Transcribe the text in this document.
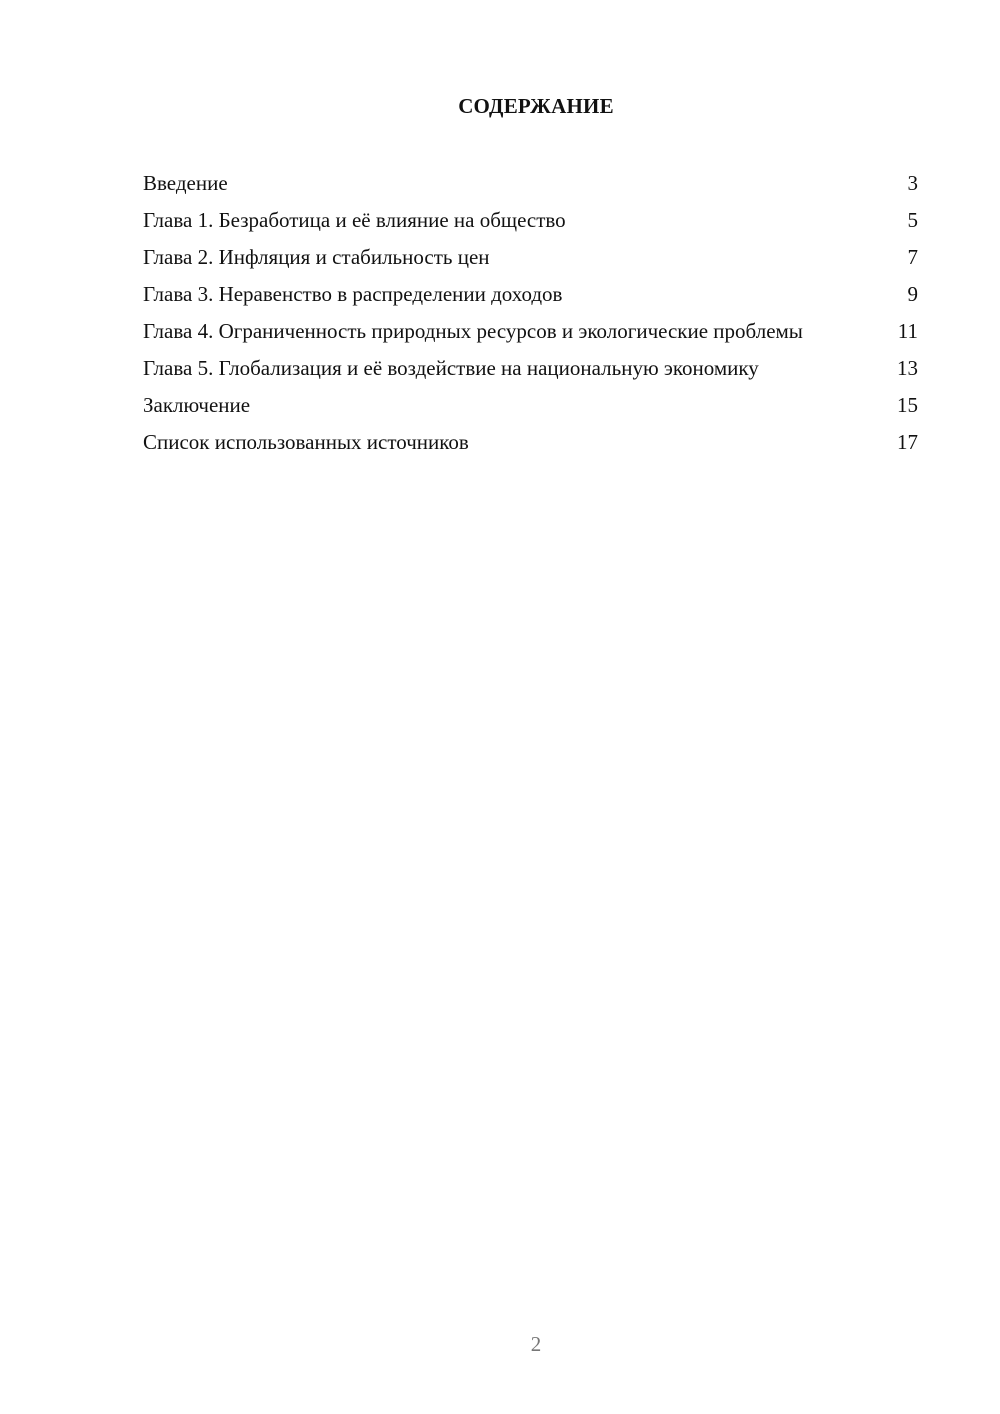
СОДЕРЖАНИЕ
Введение	3
Глава 1. Безработица и её влияние на общество	5
Глава 2. Инфляция и стабильность цен	7
Глава 3. Неравенство в распределении доходов	9
Глава 4. Ограниченность природных ресурсов и экологические проблемы	11
Глава 5. Глобализация и её воздействие на национальную экономику	13
Заключение	15
Список использованных источников	17
2
